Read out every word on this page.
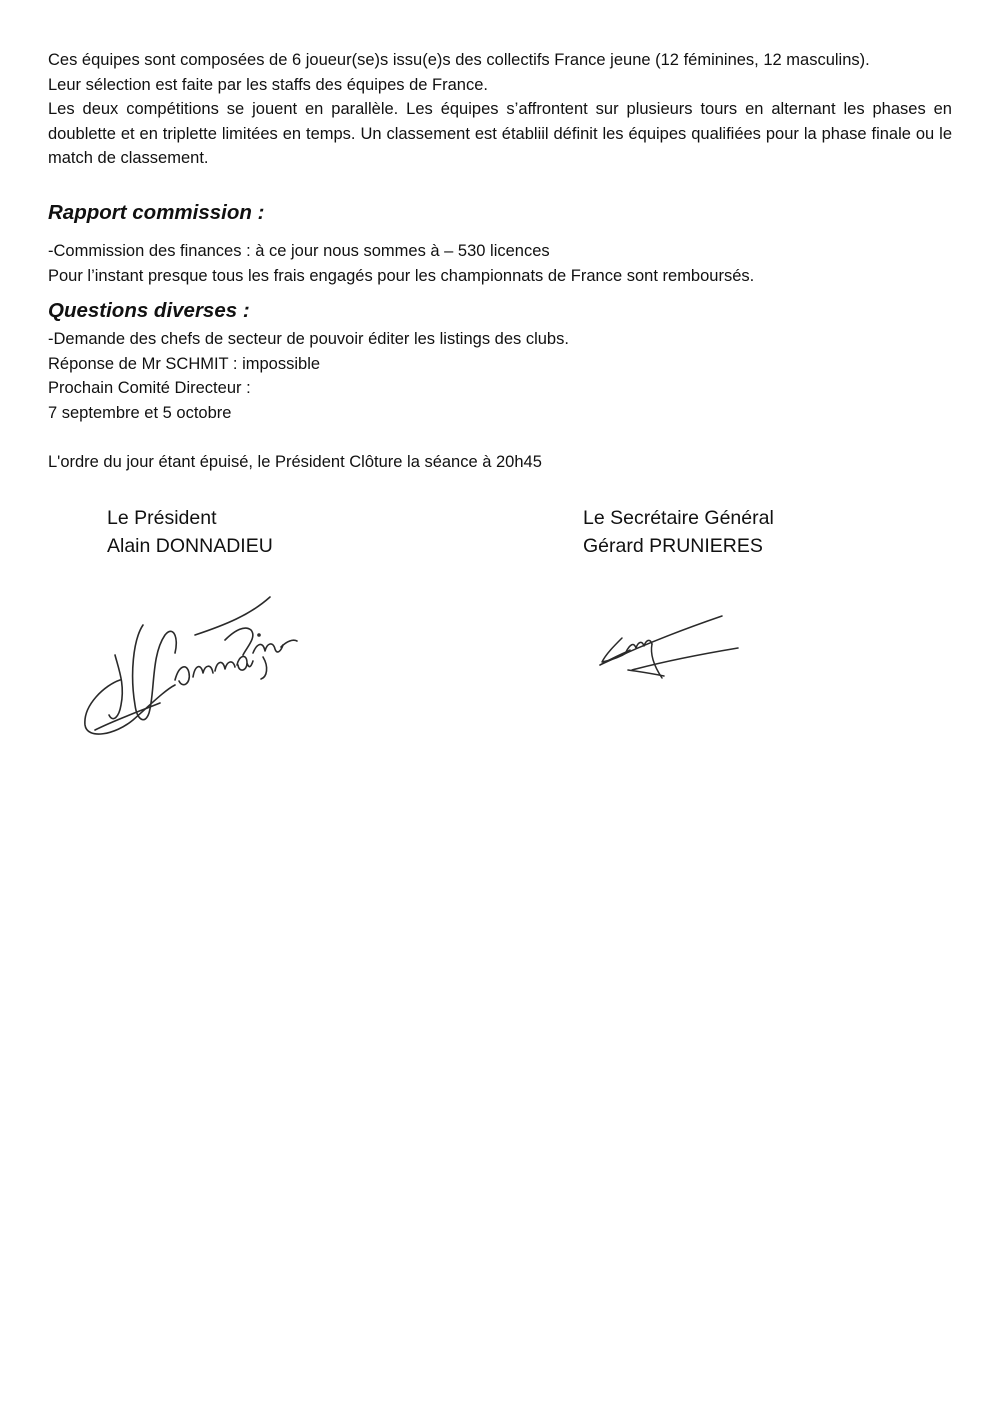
Ces équipes sont composées de 6 joueur(se)s issu(e)s des collectifs France jeune (12 féminines, 12 masculins).

Leur sélection est faite par les staffs des équipes de France.

Les deux compétitions se jouent en parallèle. Les équipes s’affrontent sur plusieurs tours en alternant les phases en doublette et en triplette limitées en temps. Un classement est établiil définit les équipes qualifiées pour la phase finale ou le match de classement.

Rapport commission :

-Commission des finances : à ce jour nous sommes à – 530 licences

Pour l’instant presque tous les frais engagés pour les championnats de France sont remboursés.

Questions diverses :

-Demande des chefs de secteur de pouvoir éditer les listings des clubs.

Réponse de Mr SCHMIT : impossible

Prochain Comité Directeur :

7 septembre et 5 octobre

L'ordre du jour étant épuisé, le Président Clôture la séance à 20h45

Le Président

Alain DONNADIEU

Le Secrétaire Général

Gérard PRUNIERES
